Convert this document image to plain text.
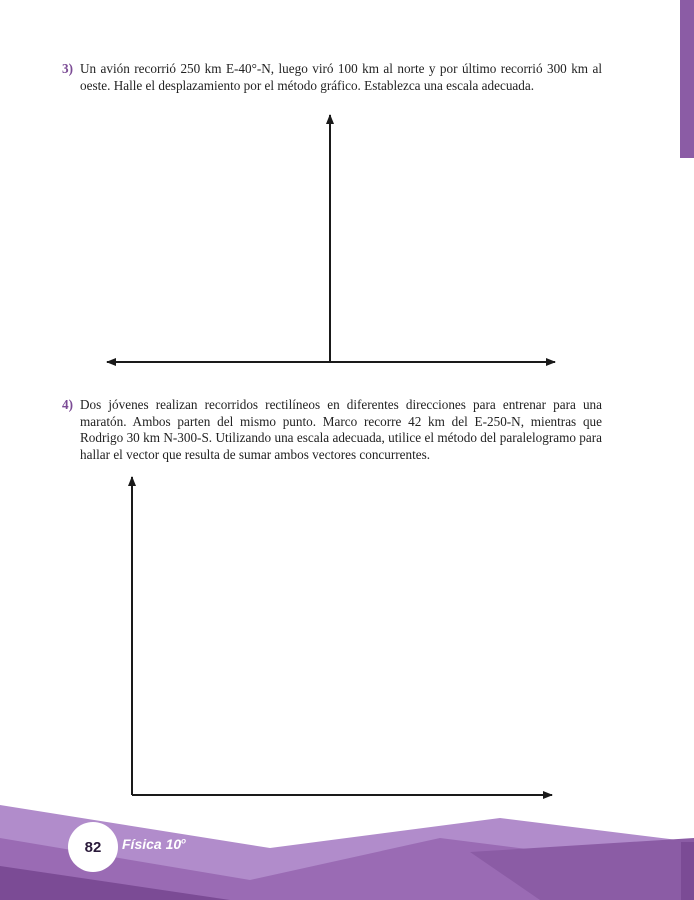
3) Un avión recorrió 250 km E-40°-N, luego viró 100 km al norte y por último recorrió 300 km al oeste. Halle el desplazamiento por el método gráfico. Establezca una escala adecuada.
4) Dos jóvenes realizan recorridos rectilíneos en diferentes direcciones para entrenar para una maratón. Ambos parten del mismo punto. Marco recorre 42 km del E-250-N, mientras que Rodrigo 30 km N-300-S. Utilizando una escala adecuada, utilice el método del paralelogramo para hallar el vector que resulta de sumar ambos vectores concurrentes.
82 Física 10$^o$
